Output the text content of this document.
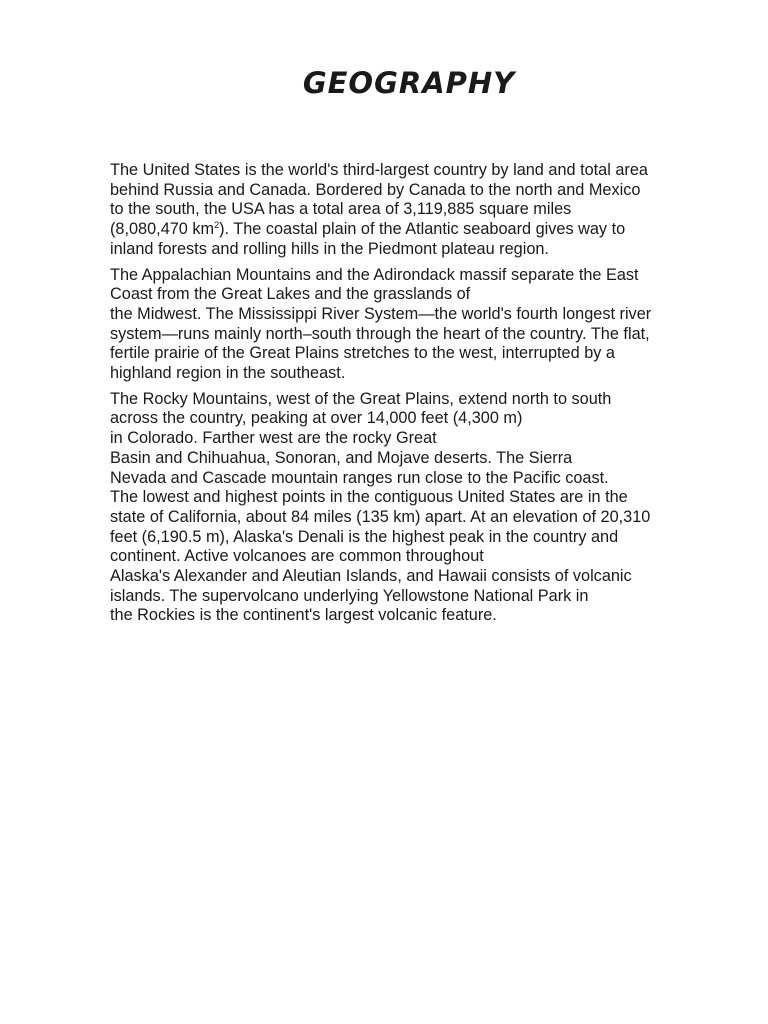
GEOGRAPHY

The United States is the world's third-largest country by land and total area
behind Russia and Canada. Bordered by Canada to the north and Mexico
to the south, the USA has a total area of 3,119,885 square miles
(8,080,470 $km^2$). The coastal plain of the Atlantic seaboard gives way to
inland forests and rolling hills in the Piedmont plateau region.

The Appalachian Mountains and the Adirondack massif separate the East
Coast from the Great Lakes and the grasslands of
the Midwest. The Mississippi River System—the world's fourth longest river
system—runs mainly north–south through the heart of the country. The flat,
fertile prairie of the Great Plains stretches to the west, interrupted by a
highland region in the southeast.

The Rocky Mountains, west of the Great Plains, extend north to south
across the country, peaking at over 14,000 feet (4,300 m)
in Colorado. Farther west are the rocky Great
Basin and Chihuahua, Sonoran, and Mojave deserts. The Sierra
Nevada and Cascade mountain ranges run close to the Pacific coast.
The lowest and highest points in the contiguous United States are in the
state of California, about 84 miles (135 km) apart. At an elevation of 20,310
feet (6,190.5 m), Alaska's Denali is the highest peak in the country and
continent. Active volcanoes are common throughout
Alaska's Alexander and Aleutian Islands, and Hawaii consists of volcanic
islands. The supervolcano underlying Yellowstone National Park in
the Rockies is the continent's largest volcanic feature.
